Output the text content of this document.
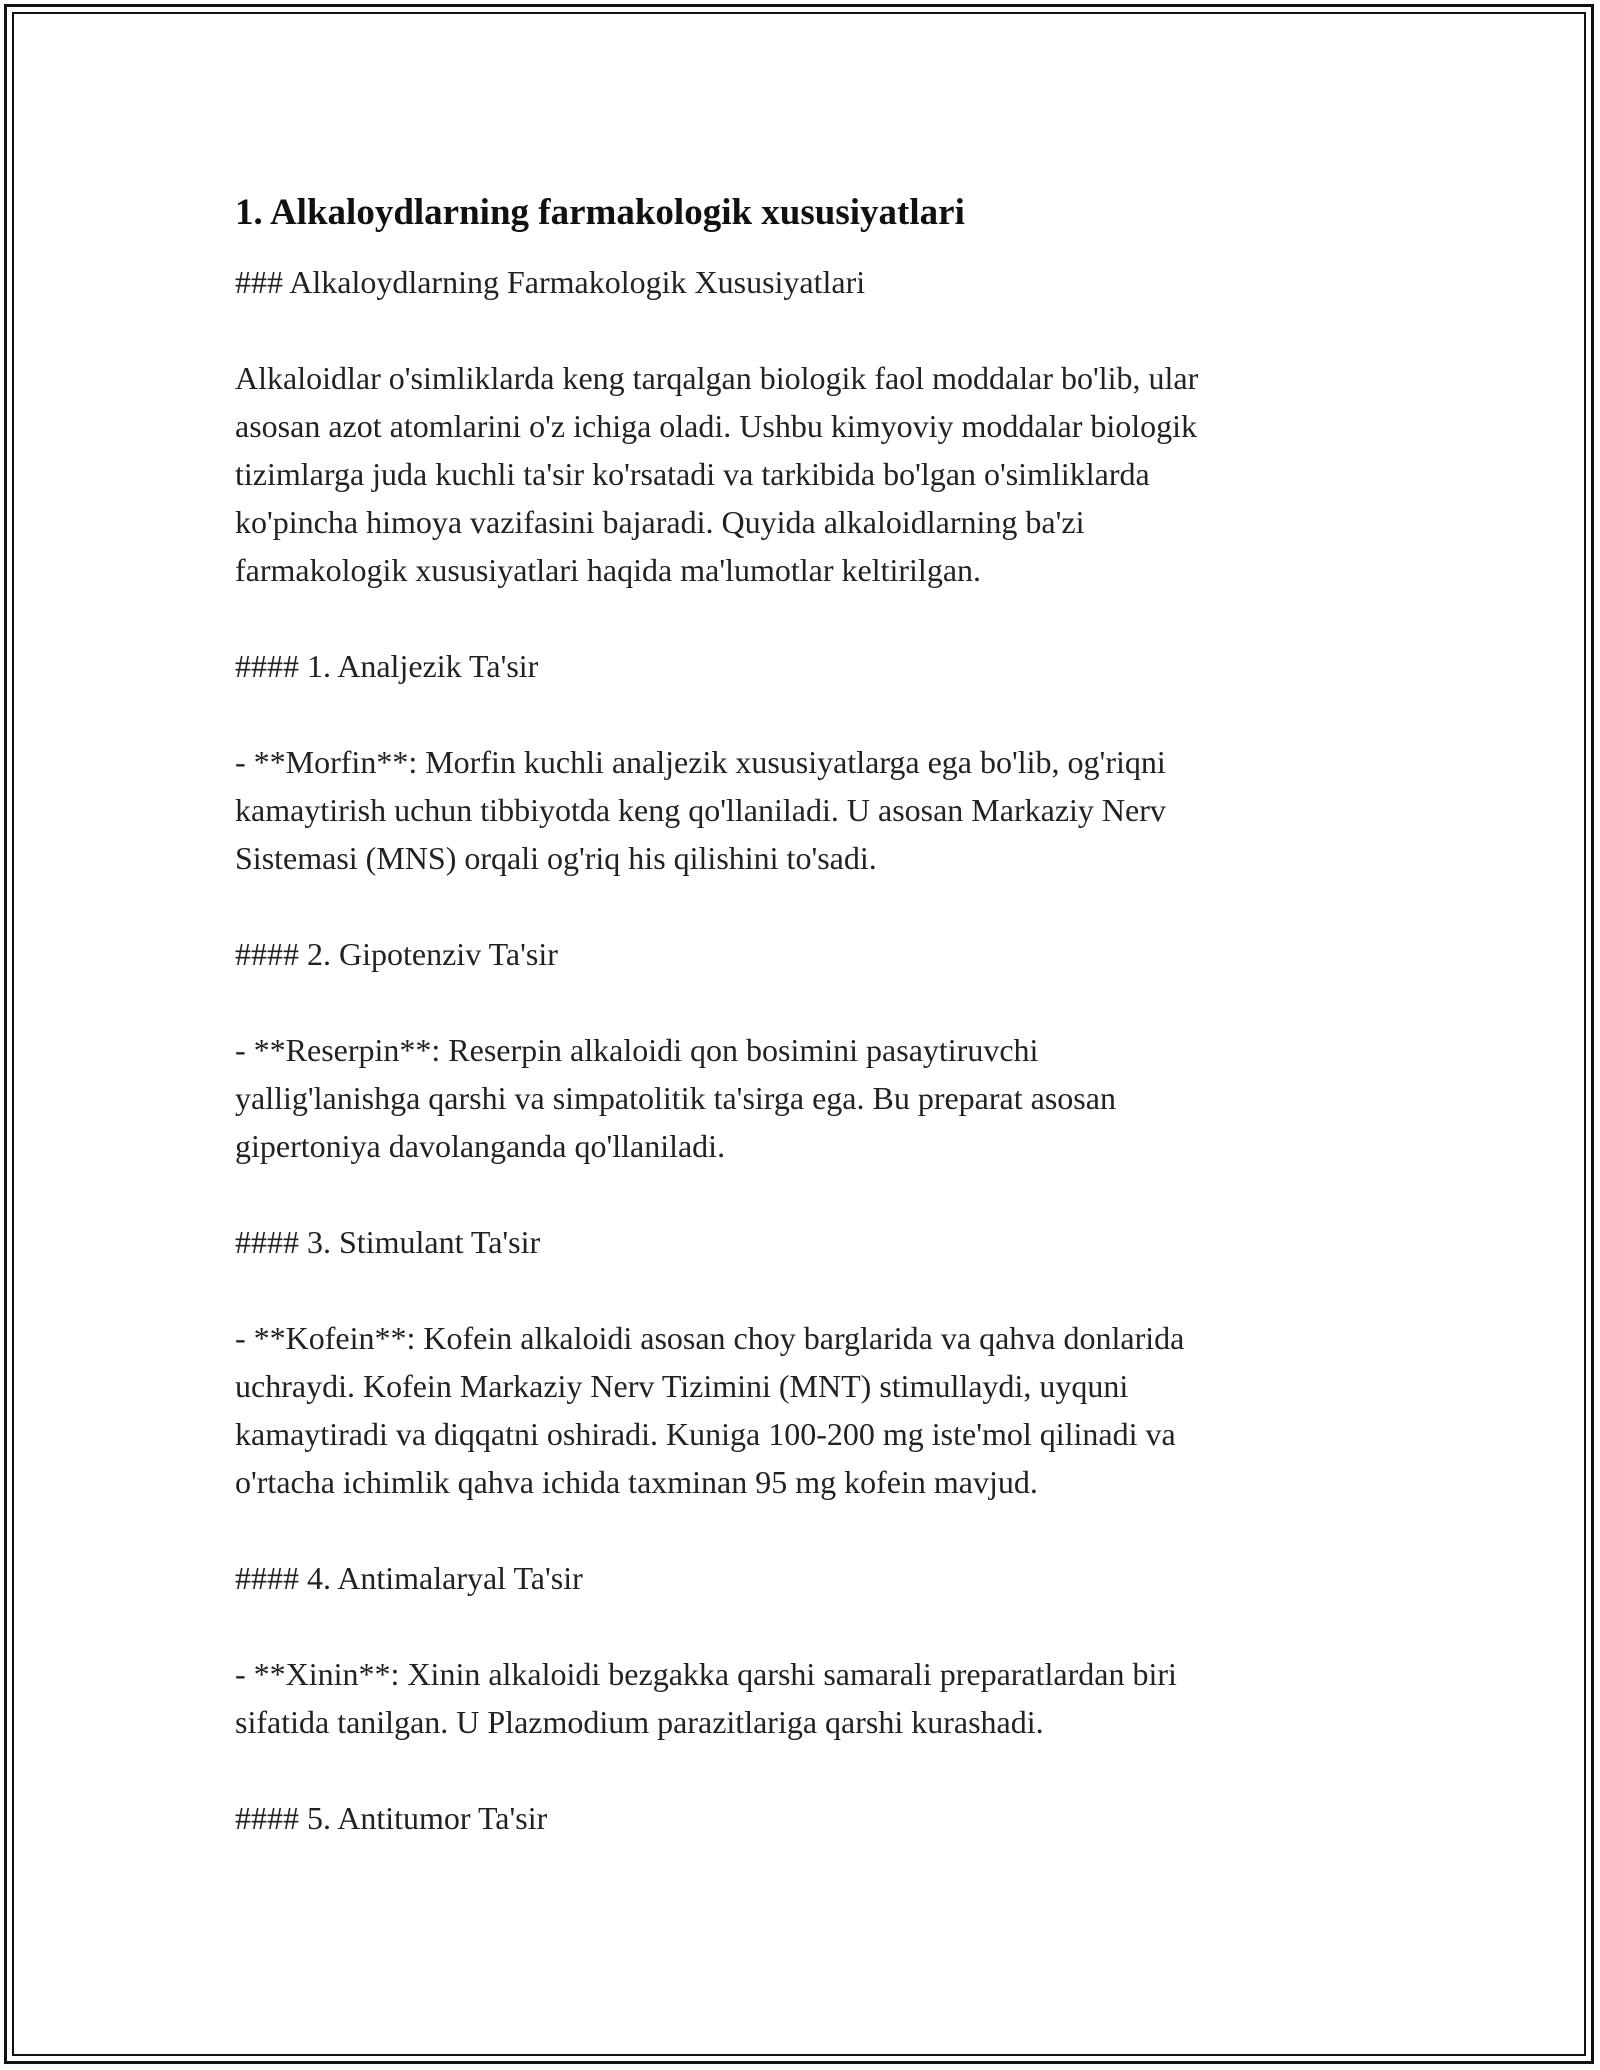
1. Alkaloydlarning farmakologik xususiyatlari

### Alkaloydlarning Farmakologik Xususiyatlari

Alkaloidlar o'simliklarda keng tarqalgan biologik faol moddalar bo'lib, ular
asosan azot atomlarini o'z ichiga oladi. Ushbu kimyoviy moddalar biologik
tizimlarga juda kuchli ta'sir ko'rsatadi va tarkibida bo'lgan o'simliklarda
ko'pincha himoya vazifasini bajaradi. Quyida alkaloidlarning ba'zi
farmakologik xususiyatlari haqida ma'lumotlar keltirilgan.

#### 1. Analjezik Ta'sir

- **Morfin**: Morfin kuchli analjezik xususiyatlarga ega bo'lib, og'riqni
kamaytirish uchun tibbiyotda keng qo'llaniladi. U asosan Markaziy Nerv
Sistemasi (MNS) orqali og'riq his qilishini to'sadi.

#### 2. Gipotenziv Ta'sir

- **Reserpin**: Reserpin alkaloidi qon bosimini pasaytiruvchi
yallig'lanishga qarshi va simpatolitik ta'sirga ega. Bu preparat asosan
gipertoniya davolanganda qo'llaniladi.

#### 3. Stimulant Ta'sir

- **Kofein**: Kofein alkaloidi asosan choy barglarida va qahva donlarida
uchraydi. Kofein Markaziy Nerv Tizimini (MNT) stimullaydi, uyquni
kamaytiradi va diqqatni oshiradi. Kuniga 100-200 mg iste'mol qilinadi va
o'rtacha ichimlik qahva ichida taxminan 95 mg kofein mavjud.

#### 4. Antimalaryal Ta'sir

- **Xinin**: Xinin alkaloidi bezgakka qarshi samarali preparatlardan biri
sifatida tanilgan. U Plazmodium parazitlariga qarshi kurashadi.

#### 5. Antitumor Ta'sir
